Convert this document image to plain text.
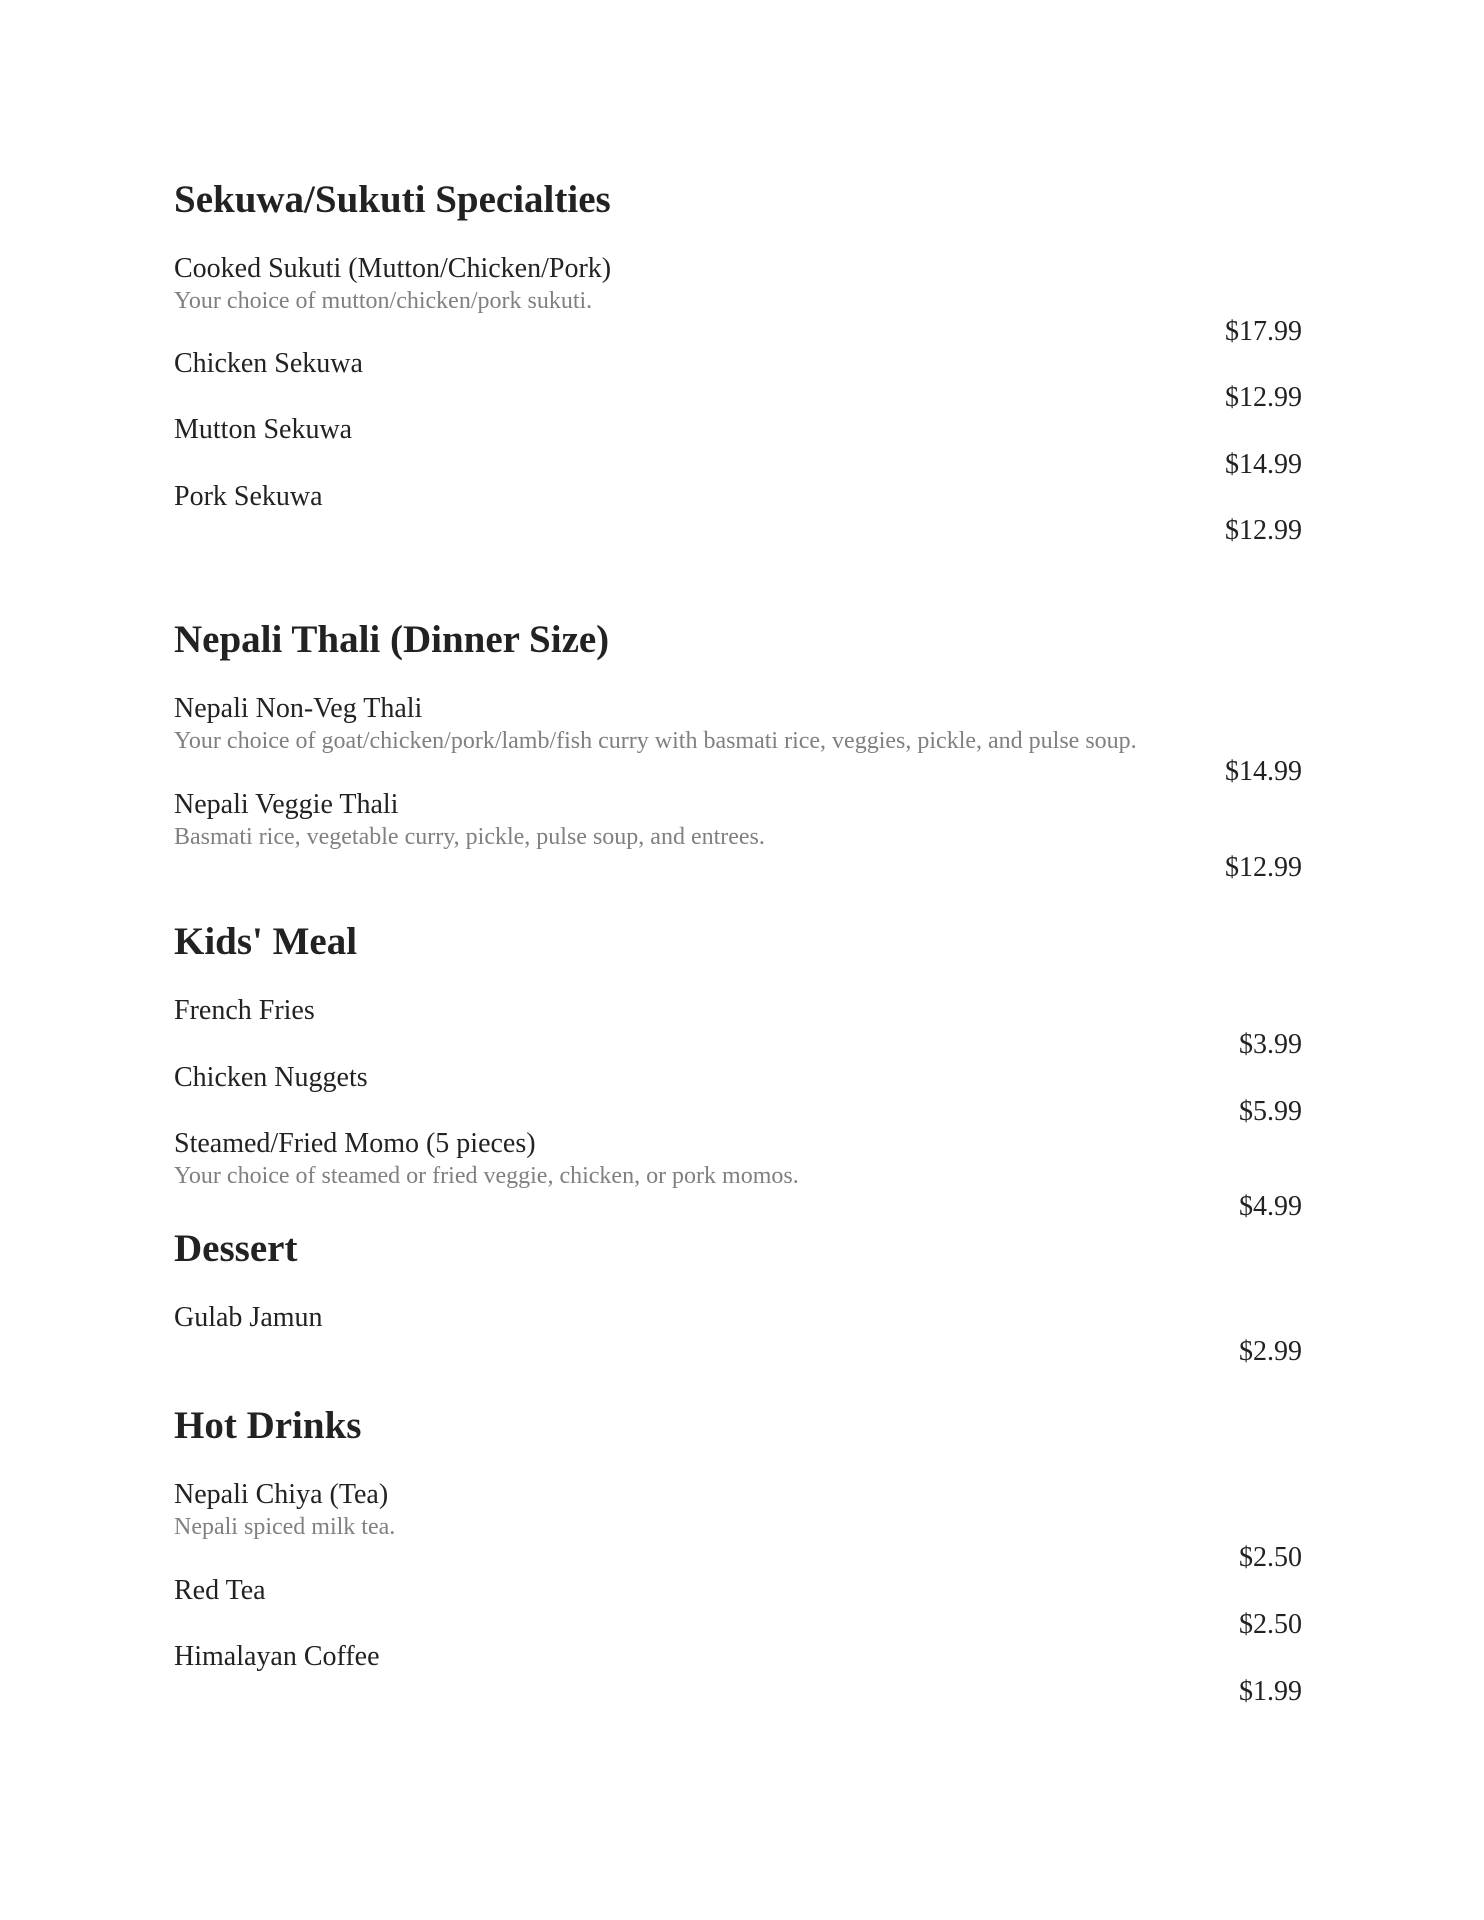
Sekuwa/Sukuti Specialties
Cooked Sukuti (Mutton/Chicken/Pork)
Your choice of mutton/chicken/pork sukuti.
$17.99
Chicken Sekuwa
$12.99
Mutton Sekuwa
$14.99
Pork Sekuwa
$12.99
Nepali Thali (Dinner Size)
Nepali Non-Veg Thali
Your choice of goat/chicken/pork/lamb/fish curry with basmati rice, veggies, pickle, and pulse soup.
$14.99
Nepali Veggie Thali
Basmati rice, vegetable curry, pickle, pulse soup, and entrees.
$12.99
Kids' Meal
French Fries
$3.99
Chicken Nuggets
$5.99
Steamed/Fried Momo (5 pieces)
Your choice of steamed or fried veggie, chicken, or pork momos.
$4.99
Dessert
Gulab Jamun
$2.99
Hot Drinks
Nepali Chiya (Tea)
Nepali spiced milk tea.
$2.50
Red Tea
$2.50
Himalayan Coffee
$1.99
